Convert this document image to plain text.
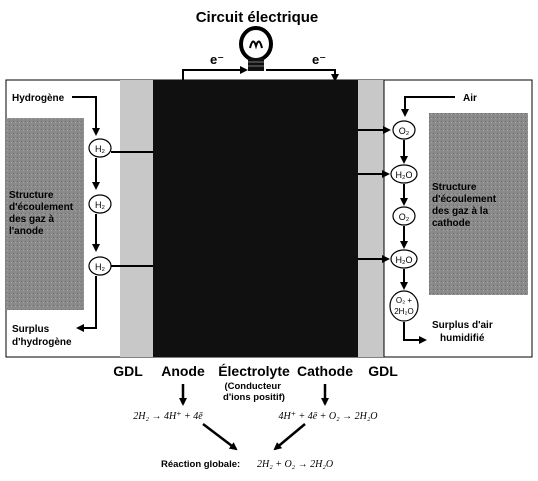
Circuit électrique
e⁻	e⁻
Structure d'écoulement des gaz à l'anode
Structure d'écoulement des gaz à la cathode
Hydrogène
H₂
H₂
H₂
Surplus d'hydrogène
Air
O₂
H₂O
O₂
H₂O
O₂ +
2H₂O
Surplus d'air humidifié
GDL Anode Électrolyte
(Conducteur d'ions positif)
Cathode GDL
2H₂ → 4H⁺ + 4ē	4H⁺ + 4ē + O₂ → 2H₂O
Réaction globale: 2H₂ + O₂ → 2H₂O
